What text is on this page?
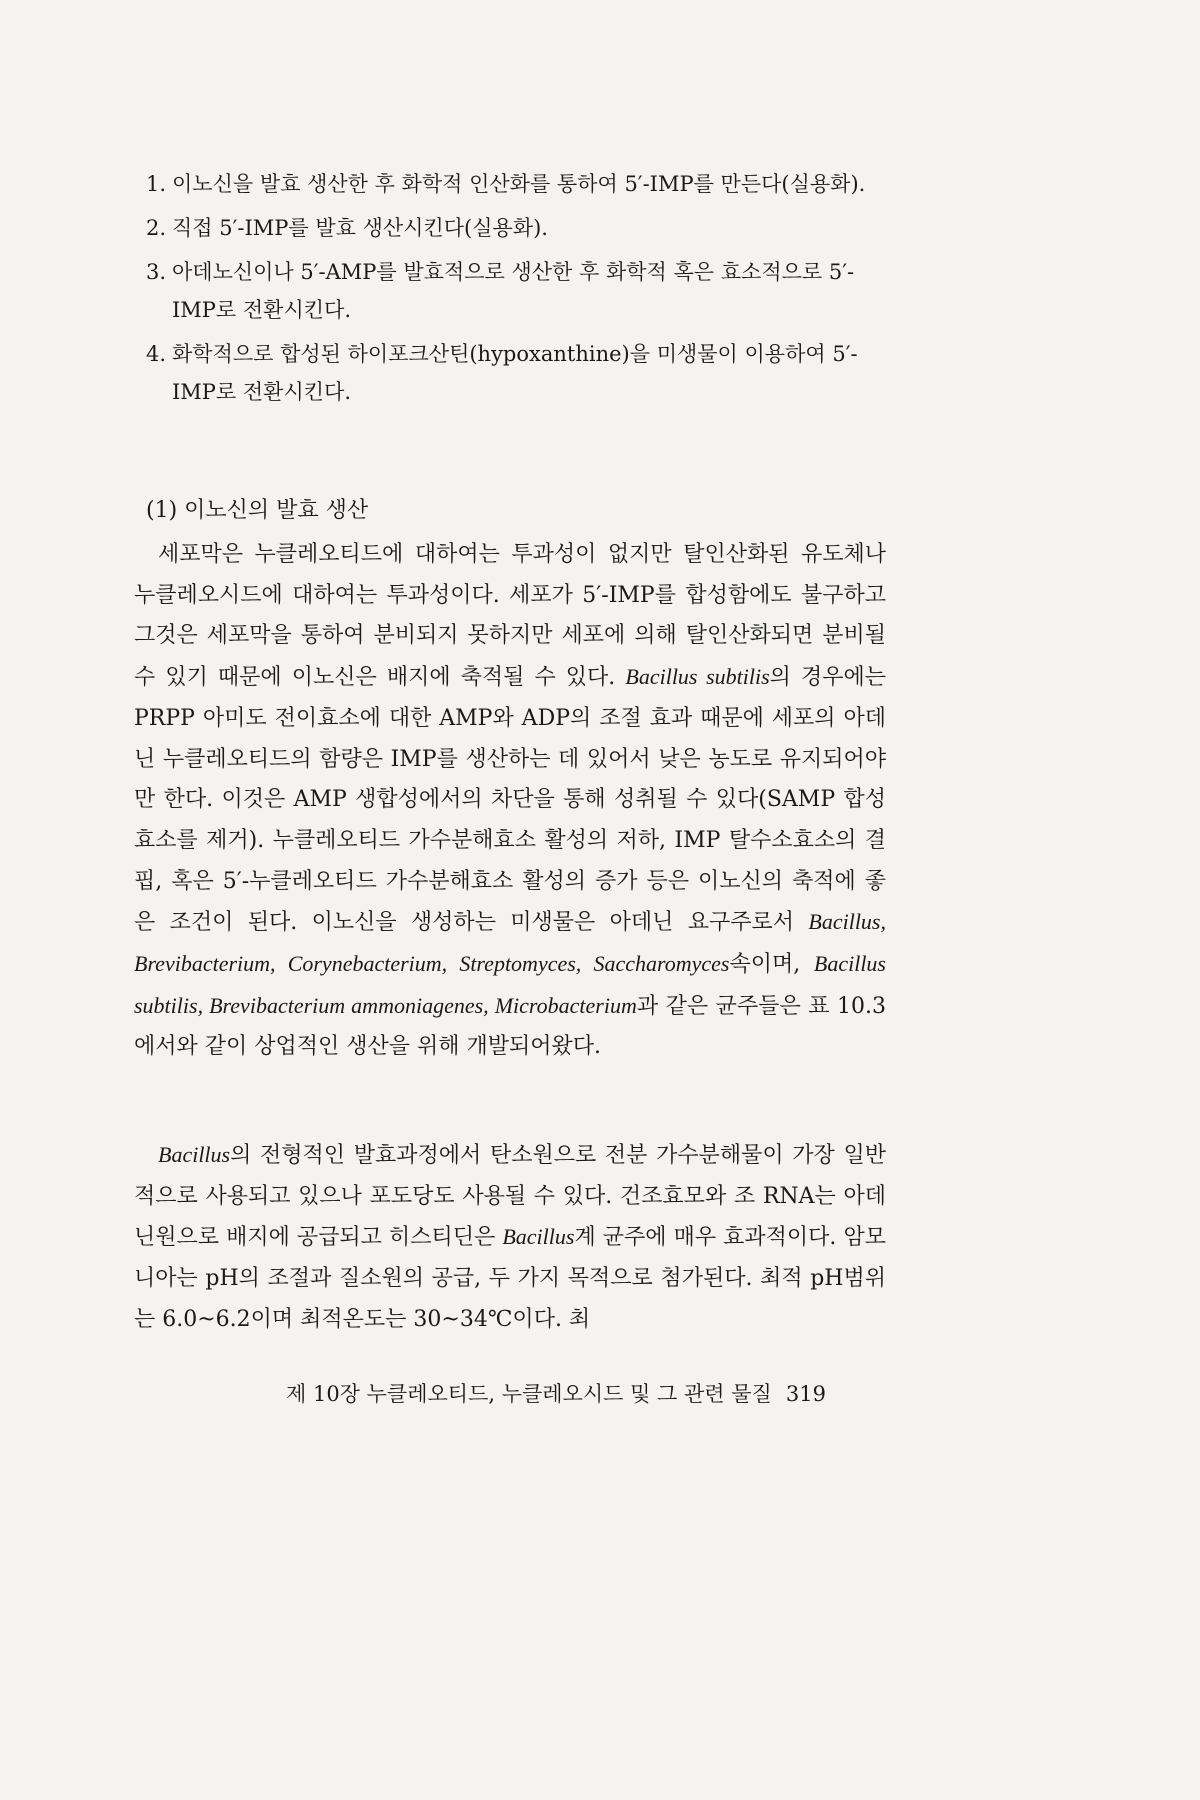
1. 이노신을 발효 생산한 후 화학적 인산화를 통하여 5′-IMP를 만든다(실용화).
2. 직접 5′-IMP를 발효 생산시킨다(실용화).
3. 아데노신이나 5′-AMP를 발효적으로 생산한 후 화학적 혹은 효소적으로 5′-IMP로 전환시킨다.
4. 화학적으로 합성된 하이포크산틴(hypoxanthine)을 미생물이 이용하여 5′-IMP로 전환시킨다.
(1) 이노신의 발효 생산

세포막은 누클레오티드에 대하여는 투과성이 없지만 탈인산화된 유도체나 누클레오시드에 대하여는 투과성이다. 세포가 5′-IMP를 합성함에도 불구하고 그것은 세포막을 통하여 분비되지 못하지만 세포에 의해 탈인산화되면 분비될 수 있기 때문에 이노신은 배지에 축적될 수 있다. Bacillus subtilis의 경우에는 PRPP 아미도 전이효소에 대한 AMP와 ADP의 조절 효과 때문에 세포의 아데닌 누클레오티드의 함량은 IMP를 생산하는 데 있어서 낮은 농도로 유지되어야만 한다. 이것은 AMP 생합성에서의 차단을 통해 성취될 수 있다(SAMP 합성효소를 제거). 누클레오티드 가수분해효소 활성의 저하, IMP 탈수소효소의 결핍, 혹은 5′-누클레오티드 가수분해효소 활성의 증가 등은 이노신의 축적에 좋은 조건이 된다. 이노신을 생성하는 미생물은 아데닌 요구주로서 Bacillus, Brevibacterium, Corynebacterium, Streptomyces, Saccharomyces속이며, Bacillus subtilis, Brevibacterium ammoniagenes, Microbacterium과 같은 균주들은 표 10.3에서와 같이 상업적인 생산을 위해 개발되어왔다.

Bacillus의 전형적인 발효과정에서 탄소원으로 전분 가수분해물이 가장 일반적으로 사용되고 있으나 포도당도 사용될 수 있다. 건조효모와 조 RNA는 아데닌원으로 배지에 공급되고 히스티딘은 Bacillus계 균주에 매우 효과적이다. 암모니아는 pH의 조절과 질소원의 공급, 두 가지 목적으로 첨가된다. 최적 pH범위는 6.0~6.2이며 최적온도는 30~34℃이다. 최

제 10장 누클레오티드, 누클레오시드 및 그 관련 물질 319
